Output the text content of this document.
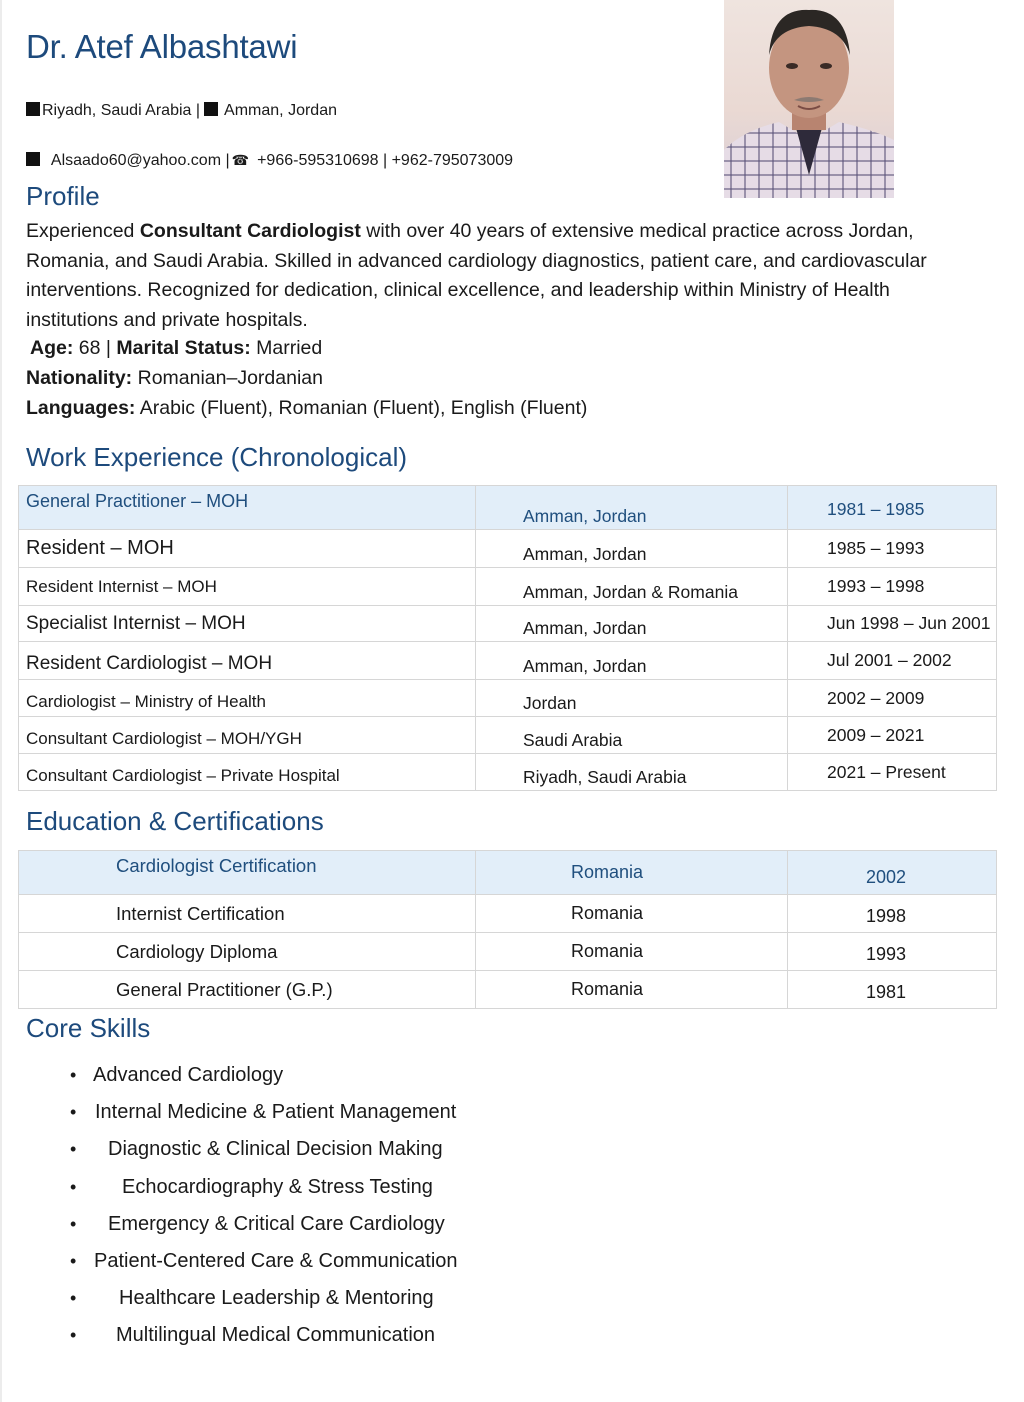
Dr. Atef Albashtawi
Riyadh, Saudi Arabia |  Amman, Jordan
Alsaado60@yahoo.com | ☎ +966-595310698 | +962-795073009
Profile
Experienced Consultant Cardiologist with over 40 years of extensive medical practice across Jordan, Romania, and Saudi Arabia. Skilled in advanced cardiology diagnostics, patient care, and cardiovascular interventions. Recognized for dedication, clinical excellence, and leadership within Ministry of Health institutions and private hospitals.
Age: 68 | Marital Status: Married
Nationality: Romanian–Jordanian
Languages: Arabic (Fluent), Romanian (Fluent), English (Fluent)
Work Experience (Chronological)
General Practitioner – MOH	Amman, Jordan	1981 – 1985
Resident – MOH	Amman, Jordan	1985 – 1993
Resident Internist – MOH	Amman, Jordan & Romania	1993 – 1998
Specialist Internist – MOH	Amman, Jordan	Jun 1998 – Jun 2001
Resident Cardiologist – MOH	Amman, Jordan	Jul 2001 – 2002
Cardiologist – Ministry of Health	Jordan	2002 – 2009
Consultant Cardiologist – MOH/YGH	Saudi Arabia	2009 – 2021
Consultant Cardiologist – Private Hospital	Riyadh, Saudi Arabia	2021 – Present
Education & Certifications
Cardiologist Certification	Romania	2002
Internist Certification	Romania	1998
Cardiology Diploma	Romania	1993
General Practitioner (G.P.)	Romania	1981
Core Skills
• Advanced Cardiology
• Internal Medicine & Patient Management
• Diagnostic & Clinical Decision Making
• Echocardiography & Stress Testing
• Emergency & Critical Care Cardiology
• Patient-Centered Care & Communication
• Healthcare Leadership & Mentoring
• Multilingual Medical Communication
